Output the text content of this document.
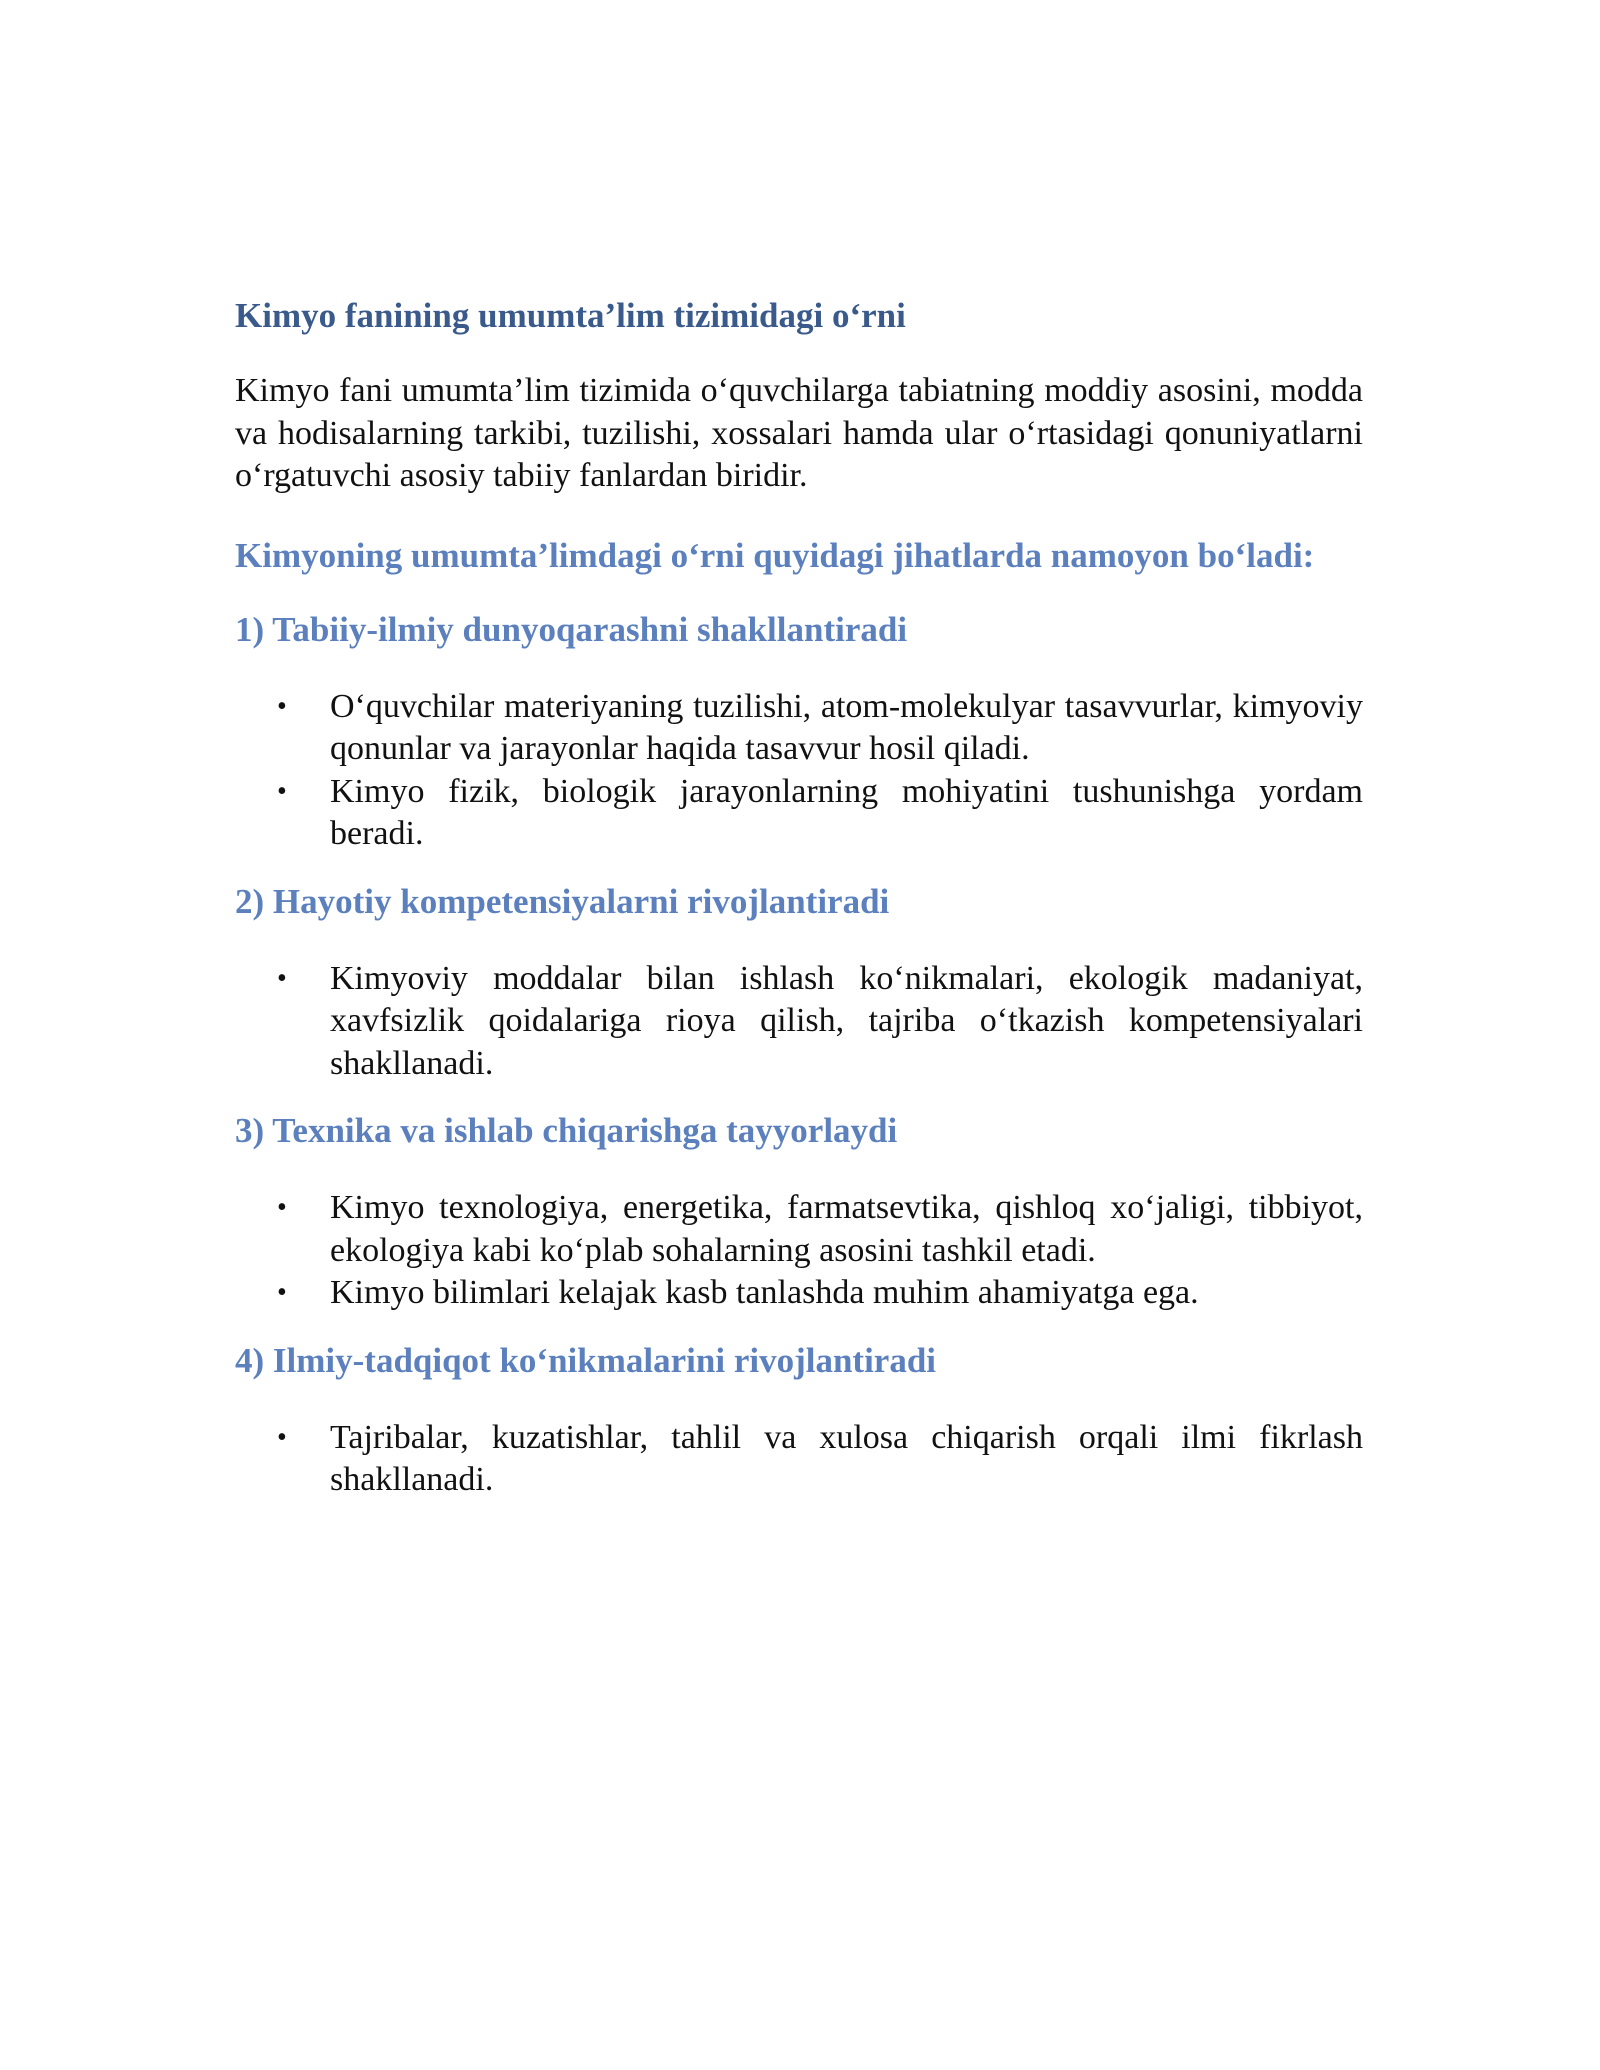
Kimyo fanining umumta’lim tizimidagi o‘rni

Kimyo fani umumta’lim tizimida o‘quvchilarga tabiatning moddiy asosini, modda va hodisalarning tarkibi, tuzilishi, xossalari hamda ular o‘rtasidagi qonuniyatlarni o‘rgatuvchi asosiy tabiiy fanlardan biridir.

Kimyoning umumta’limdagi o‘rni quyidagi jihatlarda namoyon bo‘ladi:
1) Tabiiy-ilmiy dunyoqarashni shakllantiradi
• O‘quvchilar materiyaning tuzilishi, atom-molekulyar tasavvurlar, kimyoviy qonunlar va jarayonlar haqida tasavvur hosil qiladi.
• Kimyo fizik, biologik jarayonlarning mohiyatini tushunishga yordam beradi.
2) Hayotiy kompetensiyalarni rivojlantiradi
• Kimyoviy moddalar bilan ishlash ko‘nikmalari, ekologik madaniyat, xavfsizlik qoidalariga rioya qilish, tajriba o‘tkazish kompetensiyalari shakllanadi.
3) Texnika va ishlab chiqarishga tayyorlaydi
• Kimyo texnologiya, energetika, farmatsevtika, qishloq xo‘jaligi, tibbiyot, ekologiya kabi ko‘plab sohalarning asosini tashkil etadi.
• Kimyo bilimlari kelajak kasb tanlashda muhim ahamiyatga ega.
4) Ilmiy-tadqiqot ko‘nikmalarini rivojlantiradi
• Tajribalar, kuzatishlar, tahlil va xulosa chiqarish orqali ilmi fikrlash shakllanadi.
